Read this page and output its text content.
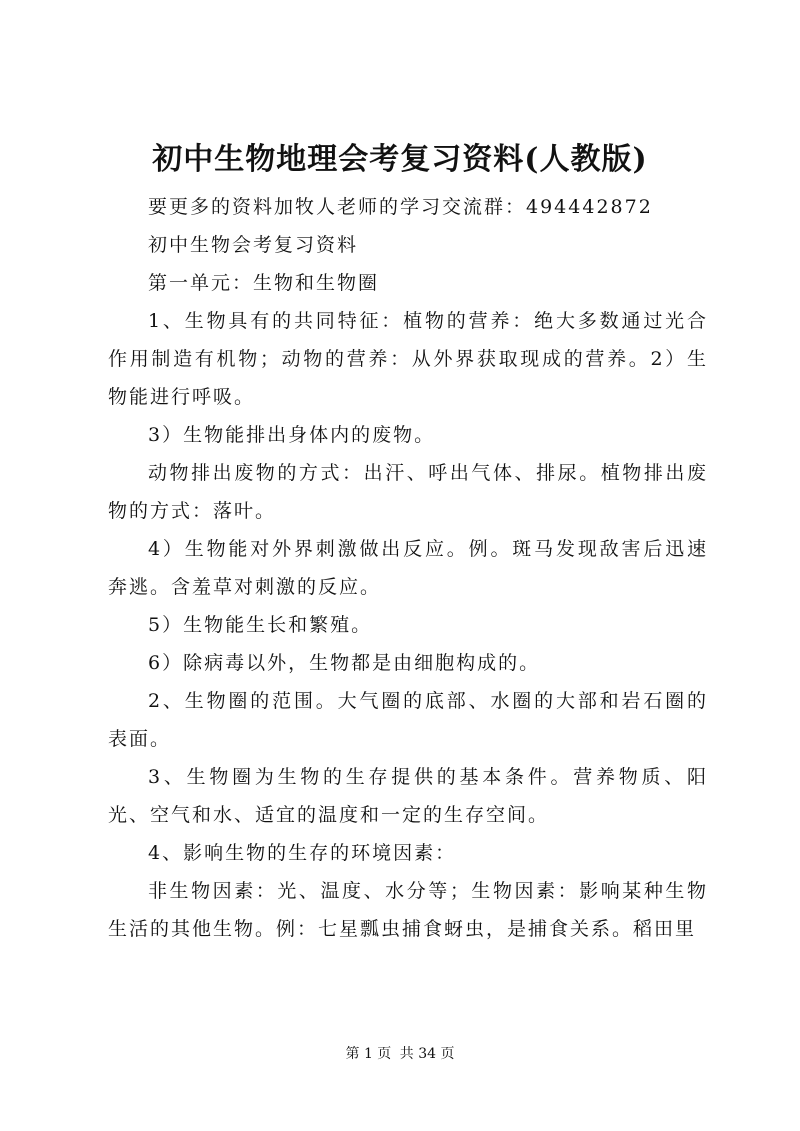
初中生物地理会考复习资料(人教版)

要更多的资料加牧人老师的学习交流群：494442872

初中生物会考复习资料

第一单元：生物和生物圈

1、生物具有的共同特征：植物的营养：绝大多数通过光合作用制造有机物；动物的营养：从外界获取现成的营养。2）生物能进行呼吸。

3）生物能排出身体内的废物。

动物排出废物的方式：出汗、呼出气体、排尿。植物排出废物的方式：落叶。

4）生物能对外界刺激做出反应。例。斑马发现敌害后迅速奔逃。含羞草对刺激的反应。

5）生物能生长和繁殖。

6）除病毒以外，生物都是由细胞构成的。

2、生物圈的范围。大气圈的底部、水圈的大部和岩石圈的表面。

3、生物圈为生物的生存提供的基本条件。营养物质、阳光、空气和水、适宜的温度和一定的生存空间。

4、影响生物的生存的环境因素：

非生物因素：光、温度、水分等；生物因素：影响某种生物生活的其他生物。例：七星瓢虫捕食蚜虫，是捕食关系。稻田里

第 1 页 共 34 页
